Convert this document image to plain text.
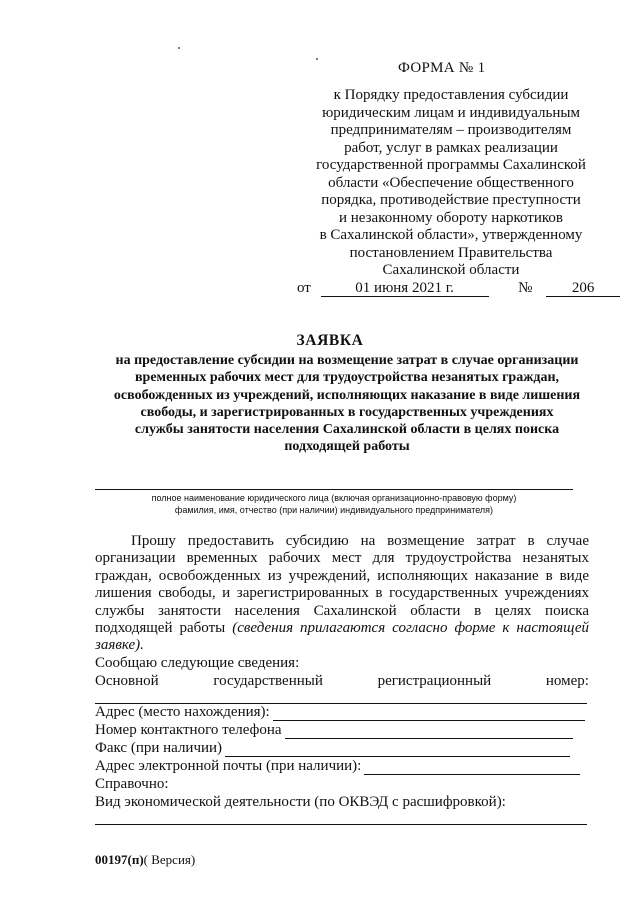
ФОРМА № 1
к Порядку предоставления субсидии
юридическим лицам и индивидуальным
предпринимателям – производителям
работ, услуг в рамках реализации
государственной программы Сахалинской
области «Обеспечение общественного
порядка, противодействие преступности
и незаконному обороту наркотиков
в Сахалинской области», утвержденному
постановлением Правительства
Сахалинской области
от	01 июня 2021 г.	№	206
ЗАЯВКА
на предоставление субсидии на возмещение затрат в случае организации
временных рабочих мест для трудоустройства незанятых граждан,
освобожденных из учреждений, исполняющих наказание в виде лишения
свободы, и зарегистрированных в государственных учреждениях
службы занятости населения Сахалинской области в целях поиска
подходящей работы
полное наименование юридического лица (включая организационно-правовую форму)
фамилия, имя, отчество (при наличии) индивидуального предпринимателя)
Прошу предоставить субсидию на возмещение затрат в случае
организации временных рабочих мест для трудоустройства незанятых
граждан, освобожденных из учреждений, исполняющих наказание в виде
лишения свободы, и зарегистрированных в государственных учреждениях
службы занятости населения Сахалинской области в целях поиска
подходящей работы (сведения прилагаются согласно форме к настоящей
заявке).
Сообщаю следующие сведения:
Основной	государственный	регистрационный	номер:
Адрес (место нахождения):
Номер контактного телефона
Факс (при наличии)
Адрес электронной почты (при наличии):
Справочно:
Вид экономической деятельности (по ОКВЭД с расшифровкой):
00197(п)( Версия)
